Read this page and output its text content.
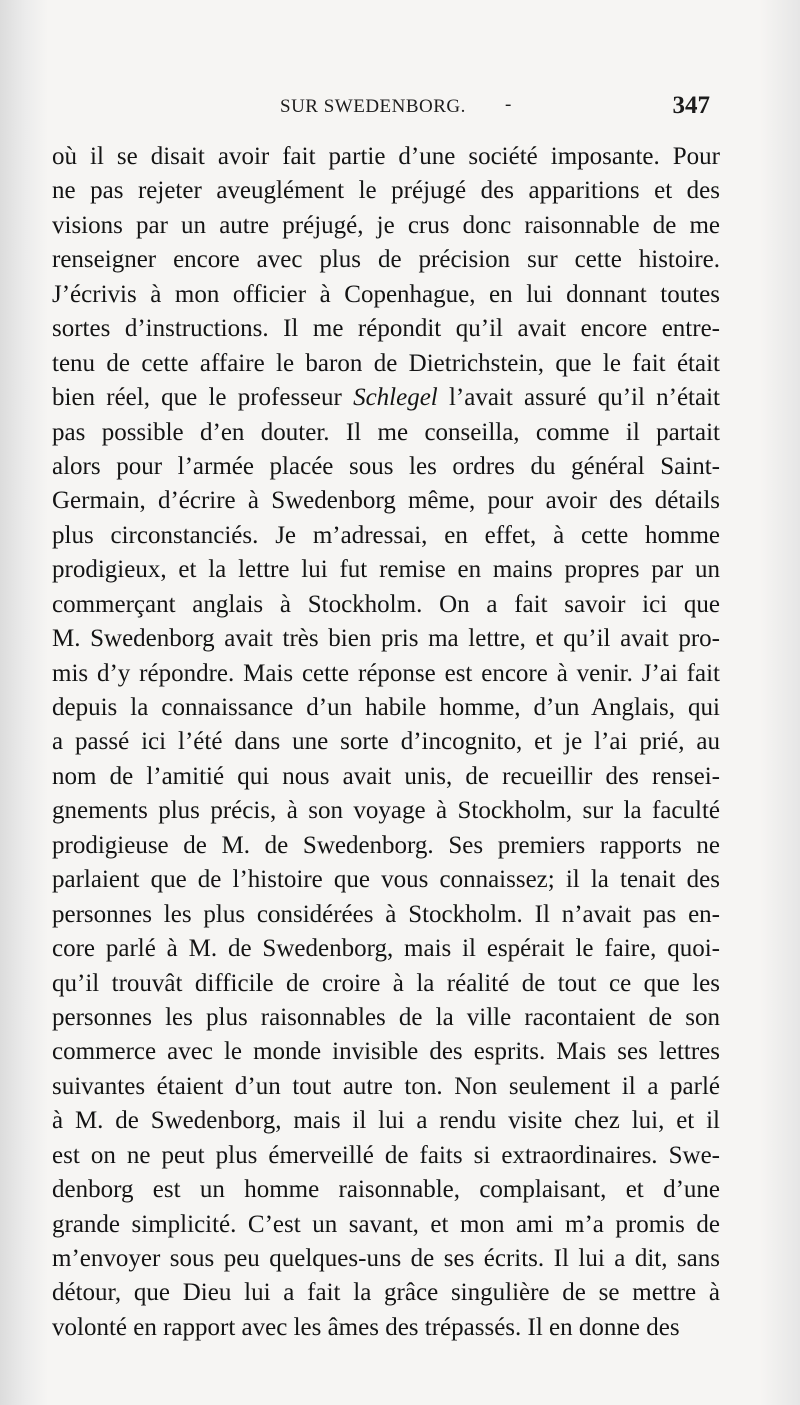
SUR SWEDENBORG. -	347
où il se disait avoir fait partie d’une société imposante. Pour
ne pas rejeter aveuglément le préjugé des apparitions et des
visions par un autre préjugé, je crus donc raisonnable de me
renseigner encore avec plus de précision sur cette histoire.
J’écrivis à mon officier à Copenhague, en lui donnant toutes
sortes d’instructions. Il me répondit qu’il avait encore entre-
tenu de cette affaire le baron de Dietrichstein, que le fait était
bien réel, que le professeur Schlegel l’avait assuré qu’il n’était
pas possible d’en douter. Il me conseilla, comme il partait
alors pour l’armée placée sous les ordres du général Saint-
Germain, d’écrire à Swedenborg même, pour avoir des détails
plus circonstanciés. Je m’adressai, en effet, à cette homme
prodigieux, et la lettre lui fut remise en mains propres par un
commerçant anglais à Stockholm. On a fait savoir ici que
M. Swedenborg avait très bien pris ma lettre, et qu’il avait pro-
mis d’y répondre. Mais cette réponse est encore à venir. J’ai fait
depuis la connaissance d’un habile homme, d’un Anglais, qui
a passé ici l’été dans une sorte d’incognito, et je l’ai prié, au
nom de l’amitié qui nous avait unis, de recueillir des rensei-
gnements plus précis, à son voyage à Stockholm, sur la faculté
prodigieuse de M. de Swedenborg. Ses premiers rapports ne
parlaient que de l’histoire que vous connaissez; il la tenait des
personnes les plus considérées à Stockholm. Il n’avait pas en-
core parlé à M. de Swedenborg, mais il espérait le faire, quoi-
qu’il trouvât difficile de croire à la réalité de tout ce que les
personnes les plus raisonnables de la ville racontaient de son
commerce avec le monde invisible des esprits. Mais ses lettres
suivantes étaient d’un tout autre ton. Non seulement il a parlé
à M. de Swedenborg, mais il lui a rendu visite chez lui, et il
est on ne peut plus émerveillé de faits si extraordinaires. Swe-
denborg est un homme raisonnable, complaisant, et d’une
grande simplicité. C’est un savant, et mon ami m’a promis de
m’envoyer sous peu quelques-uns de ses écrits. Il lui a dit, sans
détour, que Dieu lui a fait la grâce singulière de se mettre à
volonté en rapport avec les âmes des trépassés. Il en donne des
